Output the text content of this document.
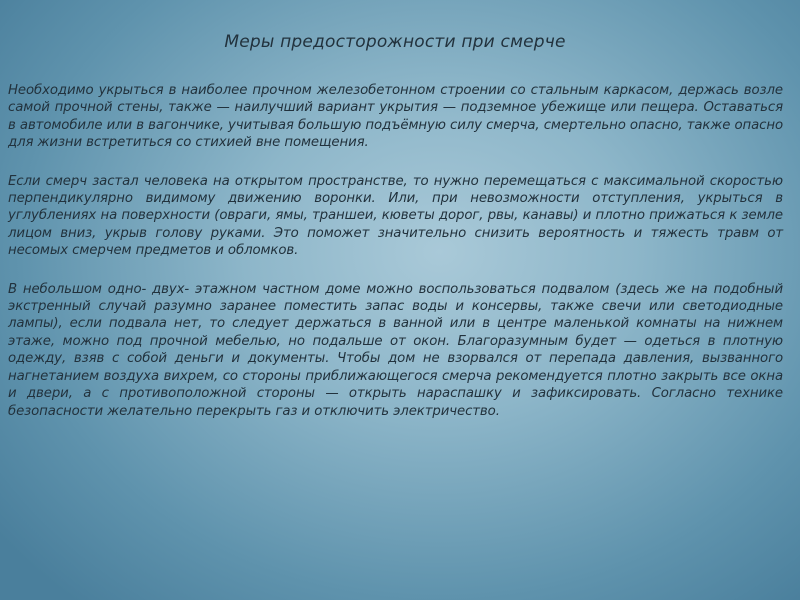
Меры предосторожности при смерче

Необходимо укрыться в наиболее прочном железобетонном строении со стальным каркасом, держась возле самой прочной стены, также — наилучший вариант укрытия — подземное убежище или пещера. Оставаться в автомобиле или в вагончике, учитывая большую подъёмную силу смерча, смертельно опасно, также опасно для жизни встретиться со стихией вне помещения.

Если смерч застал человека на открытом пространстве, то нужно перемещаться с максимальной скоростью перпендикулярно видимому движению воронки. Или, при невозможности отступления, укрыться в углублениях на поверхности (овраги, ямы, траншеи, кюветы дорог, рвы, канавы) и плотно прижаться к земле лицом вниз, укрыв голову руками. Это поможет значительно снизить вероятность и тяжесть травм от несомых смерчем предметов и обломков.

В небольшом одно- двух- этажном частном доме можно воспользоваться подвалом (здесь же на подобный экстренный случай разумно заранее поместить запас воды и консервы, также свечи или светодиодные лампы), если подвала нет, то следует держаться в ванной или в центре маленькой комнаты на нижнем этаже, можно под прочной мебелью, но подальше от окон. Благоразумным будет — одеться в плотную одежду, взяв с собой деньги и документы. Чтобы дом не взорвался от перепада давления, вызванного нагнетанием воздуха вихрем, со стороны приближающегося смерча рекомендуется плотно закрыть все окна и двери, а с противоположной стороны — открыть нараспашку и зафиксировать. Согласно технике безопасности желательно перекрыть газ и отключить электричество.
